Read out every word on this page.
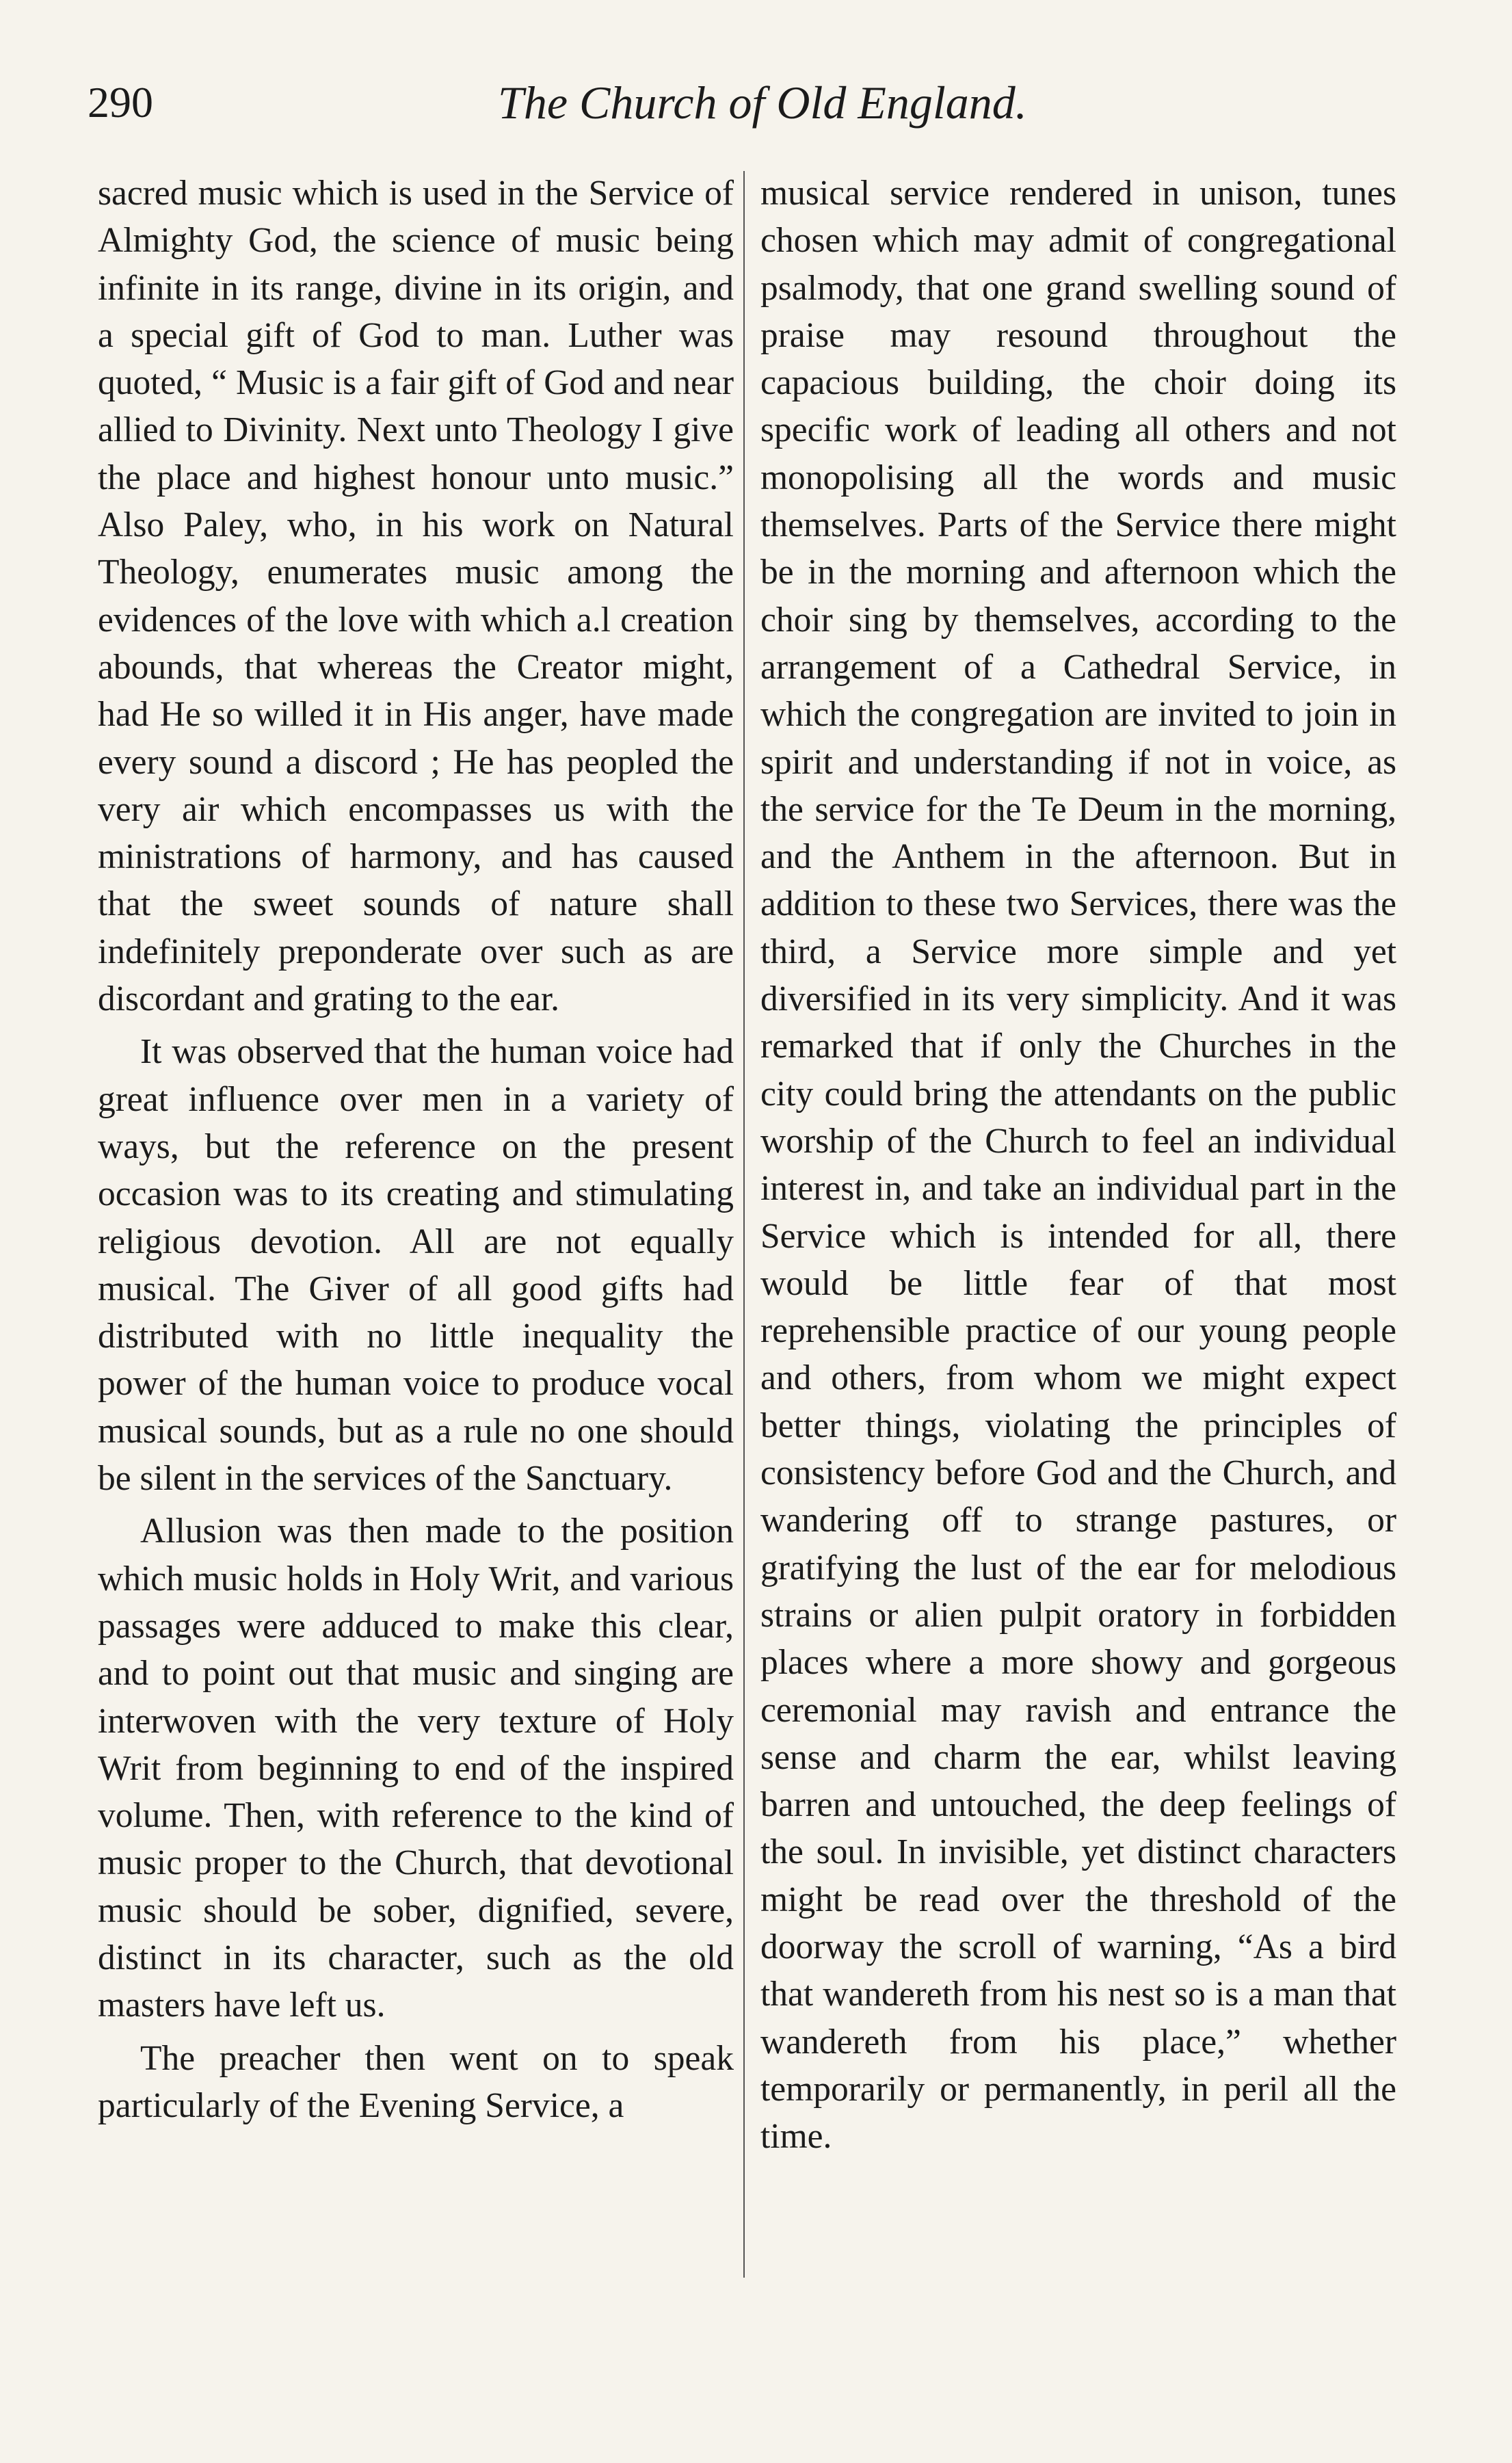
290	The Church of Old England.

sacred music which is used in the Service of Almighty God, the science of music being infinite in its range, divine in its origin, and a special gift of God to man. Luther was quoted, “ Music is a fair gift of God and near allied to Divinity. Next unto Theology I give the place and highest honour unto music.” Also Paley, who, in his work on Natural Theology, enumerates music among the evidences of the love with which a.l creation abounds, that whereas the Creator might, had He so willed it in His anger, have made every sound a discord ; He has peopled the very air which encompasses us with the ministrations of harmony, and has caused that the sweet sounds of nature shall indefinitely preponderate over such as are discordant and grating to the ear.

It was observed that the human voice had great influence over men in a variety of ways, but the reference on the present occasion was to its creating and stimulating religious devotion. All are not equally musical. The Giver of all good gifts had distributed with no little inequality the power of the human voice to produce vocal musical sounds, but as a rule no one should be silent in the services of the Sanctuary.

Allusion was then made to the position which music holds in Holy Writ, and various passages were adduced to make this clear, and to point out that music and singing are interwoven with the very texture of Holy Writ from beginning to end of the inspired volume. Then, with reference to the kind of music proper to the Church, that devotional music should be sober, dignified, severe, distinct in its character, such as the old masters have left us.

The preacher then went on to speak particularly of the Evening Service, a

musical service rendered in unison, tunes chosen which may admit of congregational psalmody, that one grand swelling sound of praise may resound throughout the capacious building, the choir doing its specific work of leading all others and not monopolising all the words and music themselves. Parts of the Service there might be in the morning and afternoon which the choir sing by themselves, according to the arrangement of a Cathedral Service, in which the congregation are invited to join in spirit and understanding if not in voice, as the service for the Te Deum in the morning, and the Anthem in the afternoon. But in addition to these two Services, there was the third, a Service more simple and yet diversified in its very simplicity. And it was remarked that if only the Churches in the city could bring the attendants on the public worship of the Church to feel an individual interest in, and take an individual part in the Service which is intended for all, there would be little fear of that most reprehensible practice of our young people and others, from whom we might expect better things, violating the principles of consistency before God and the Church, and wandering off to strange pastures, or gratifying the lust of the ear for melodious strains or alien pulpit oratory in forbidden places where a more showy and gorgeous ceremonial may ravish and entrance the sense and charm the ear, whilst leaving barren and untouched, the deep feelings of the soul. In invisible, yet distinct characters might be read over the threshold of the doorway the scroll of warning, “As a bird that wandereth from his nest so is a man that wandereth from his place,” whether temporarily or permanently, in peril all the time.
